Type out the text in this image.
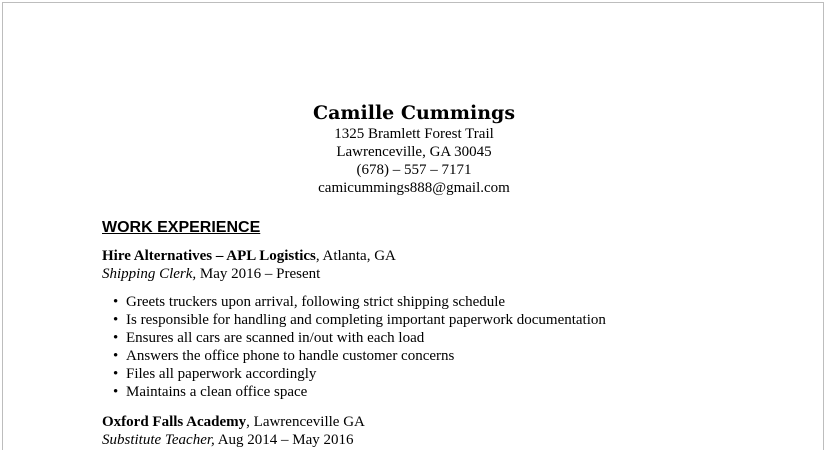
Camille Cummings

1325 Bramlett Forest Trail

Lawrenceville, GA 30045

(678) – 557 – 7171

camicummings888@gmail.com

WORK EXPERIENCE

Hire Alternatives – APL Logistics, Atlanta, GA

Shipping Clerk, May 2016 – Present

• Greets truckers upon arrival, following strict shipping schedule
• Is responsible for handling and completing important paperwork documentation
• Ensures all cars are scanned in/out with each load
• Answers the office phone to handle customer concerns
• Files all paperwork accordingly
• Maintains a clean office space

Oxford Falls Academy, Lawrenceville GA

Substitute Teacher, Aug 2014 – May 2016
